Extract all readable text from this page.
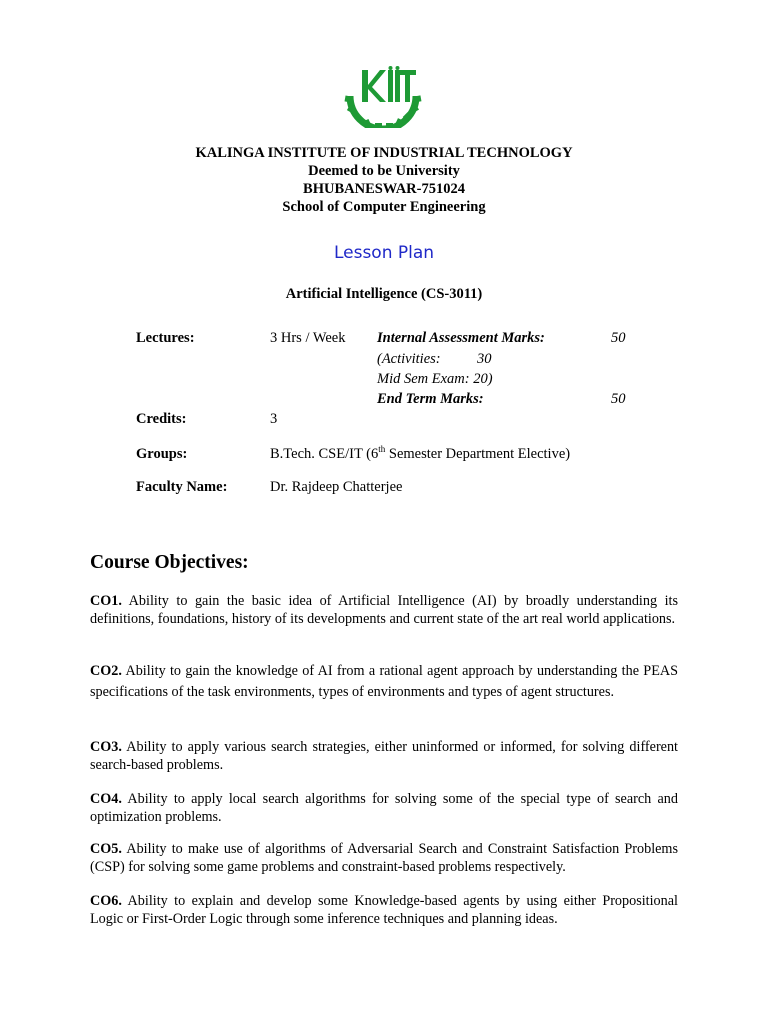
KALINGA INSTITUTE OF INDUSTRIAL TECHNOLOGY
Deemed to be University
BHUBANESWAR-751024
School of Computer Engineering
Lesson Plan
Artificial Intelligence (CS-3011)
Lectures:	3 Hrs / Week Internal Assessment Marks:	50
(Activities:	30
Mid Sem Exam: 20)
End Term Marks:	50
Credits:	3
Groups:	B.Tech. CSE/IT (6th Semester Department Elective)
Faculty Name:	Dr. Rajdeep Chatterjee
Course Objectives:
CO1. Ability to gain the basic idea of Artificial Intelligence (AI) by broadly understanding its definitions, foundations, history of its developments and current state of the art real world applications.
CO2. Ability to gain the knowledge of AI from a rational agent approach by understanding the PEAS specifications of the task environments, types of environments and types of agent structures.
CO3. Ability to apply various search strategies, either uninformed or informed, for solving different search-based problems.
CO4. Ability to apply local search algorithms for solving some of the special type of search and optimization problems.
CO5. Ability to make use of algorithms of Adversarial Search and Constraint Satisfaction Problems (CSP) for solving some game problems and constraint-based problems respectively.
CO6. Ability to explain and develop some Knowledge-based agents by using either Propositional Logic or First-Order Logic through some inference techniques and planning ideas.
